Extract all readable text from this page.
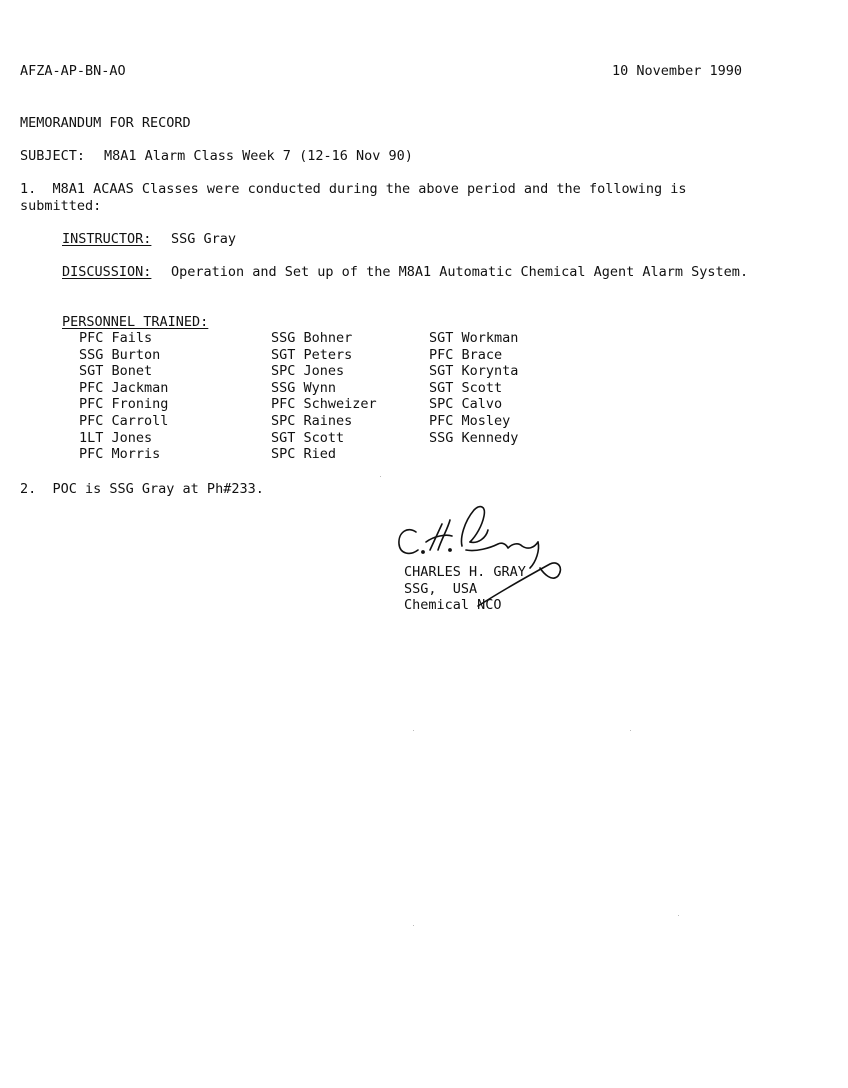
AFZA-AP-BN-AO	10 November 1990
MEMORANDUM FOR RECORD
SUBJECT: M8A1 Alarm Class Week 7 (12-16 Nov 90)
1.  M8A1 ACAAS Classes were conducted during the above period and the following is
submitted:
INSTRUCTOR: SSG Gray
DISCUSSION: Operation and Set up of the M8A1 Automatic Chemical Agent Alarm System.
PERSONNEL TRAINED:
PFC Fails
SSG Burton
SGT Bonet
PFC Jackman
PFC Froning
PFC Carroll
1LT Jones
PFC Morris
SSG Bohner
SGT Peters
SPC Jones
SSG Wynn
PFC Schweizer
SPC Raines
SGT Scott
SPC Ried
SGT Workman
PFC Brace
SGT Korynta
SGT Scott
SPC Calvo
PFC Mosley
SSG Kennedy
2.  POC is SSG Gray at Ph#233.
CHARLES H. GRAY
SSG,  USA
Chemical NCO
